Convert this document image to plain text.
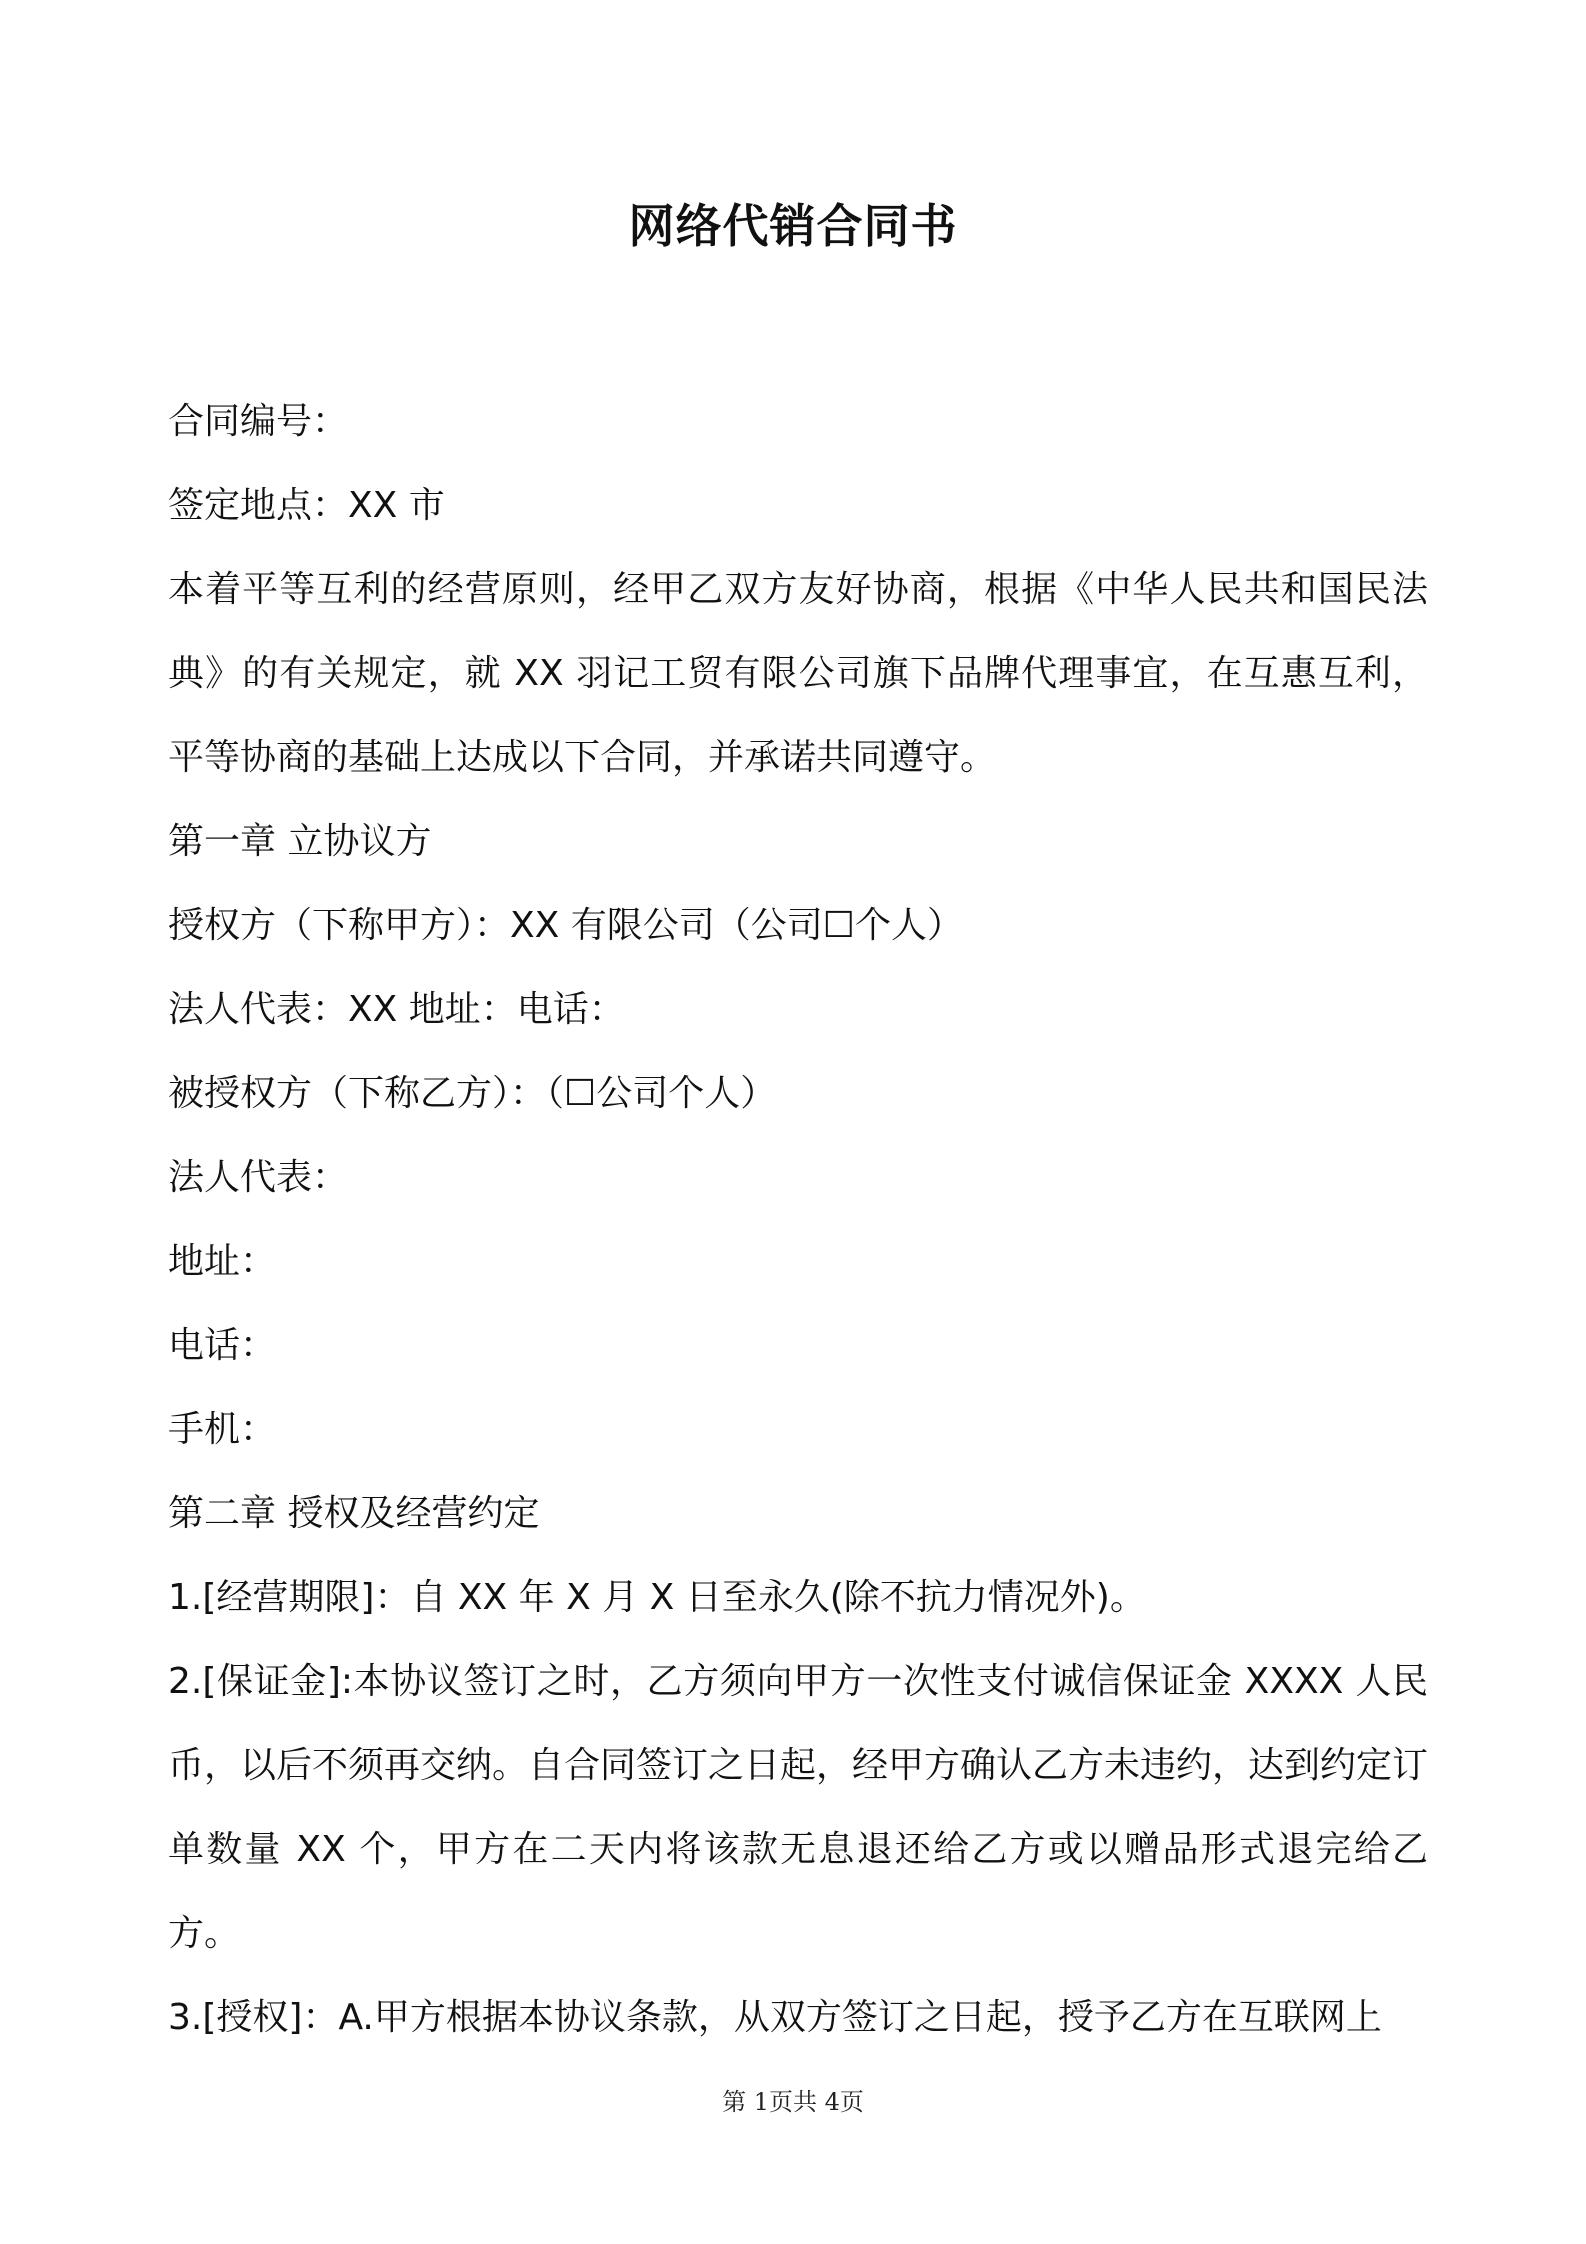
网络代销合同书

合同编号：

签定地点：XX 市

本着平等互利的经营原则，经甲乙双方友好协商，根据《中华人民共和国民法典》的有关规定，就 XX 羽记工贸有限公司旗下品牌代理事宜，在互惠互利，平等协商的基础上达成以下合同，并承诺共同遵守。

第一章 立协议方

授权方（下称甲方）：XX 有限公司（公司☐个人）

法人代表：XX 地址：电话：

被授权方（下称乙方）：（☐公司个人）

法人代表：

地址：

电话：

手机：

第二章 授权及经营约定

1.[经营期限]：自 XX 年 X 月 X 日至永久(除不抗力情况外)。

2.[保证金]:本协议签订之时，乙方须向甲方一次性支付诚信保证金 XXXX 人民币，以后不须再交纳。自合同签订之日起，经甲方确认乙方未违约，达到约定订单数量 XX 个，甲方在二天内将该款无息退还给乙方或以赠品形式退完给乙方。

3.[授权]：A.甲方根据本协议条款，从双方签订之日起，授予乙方在互联网上

第 1页共 4页
